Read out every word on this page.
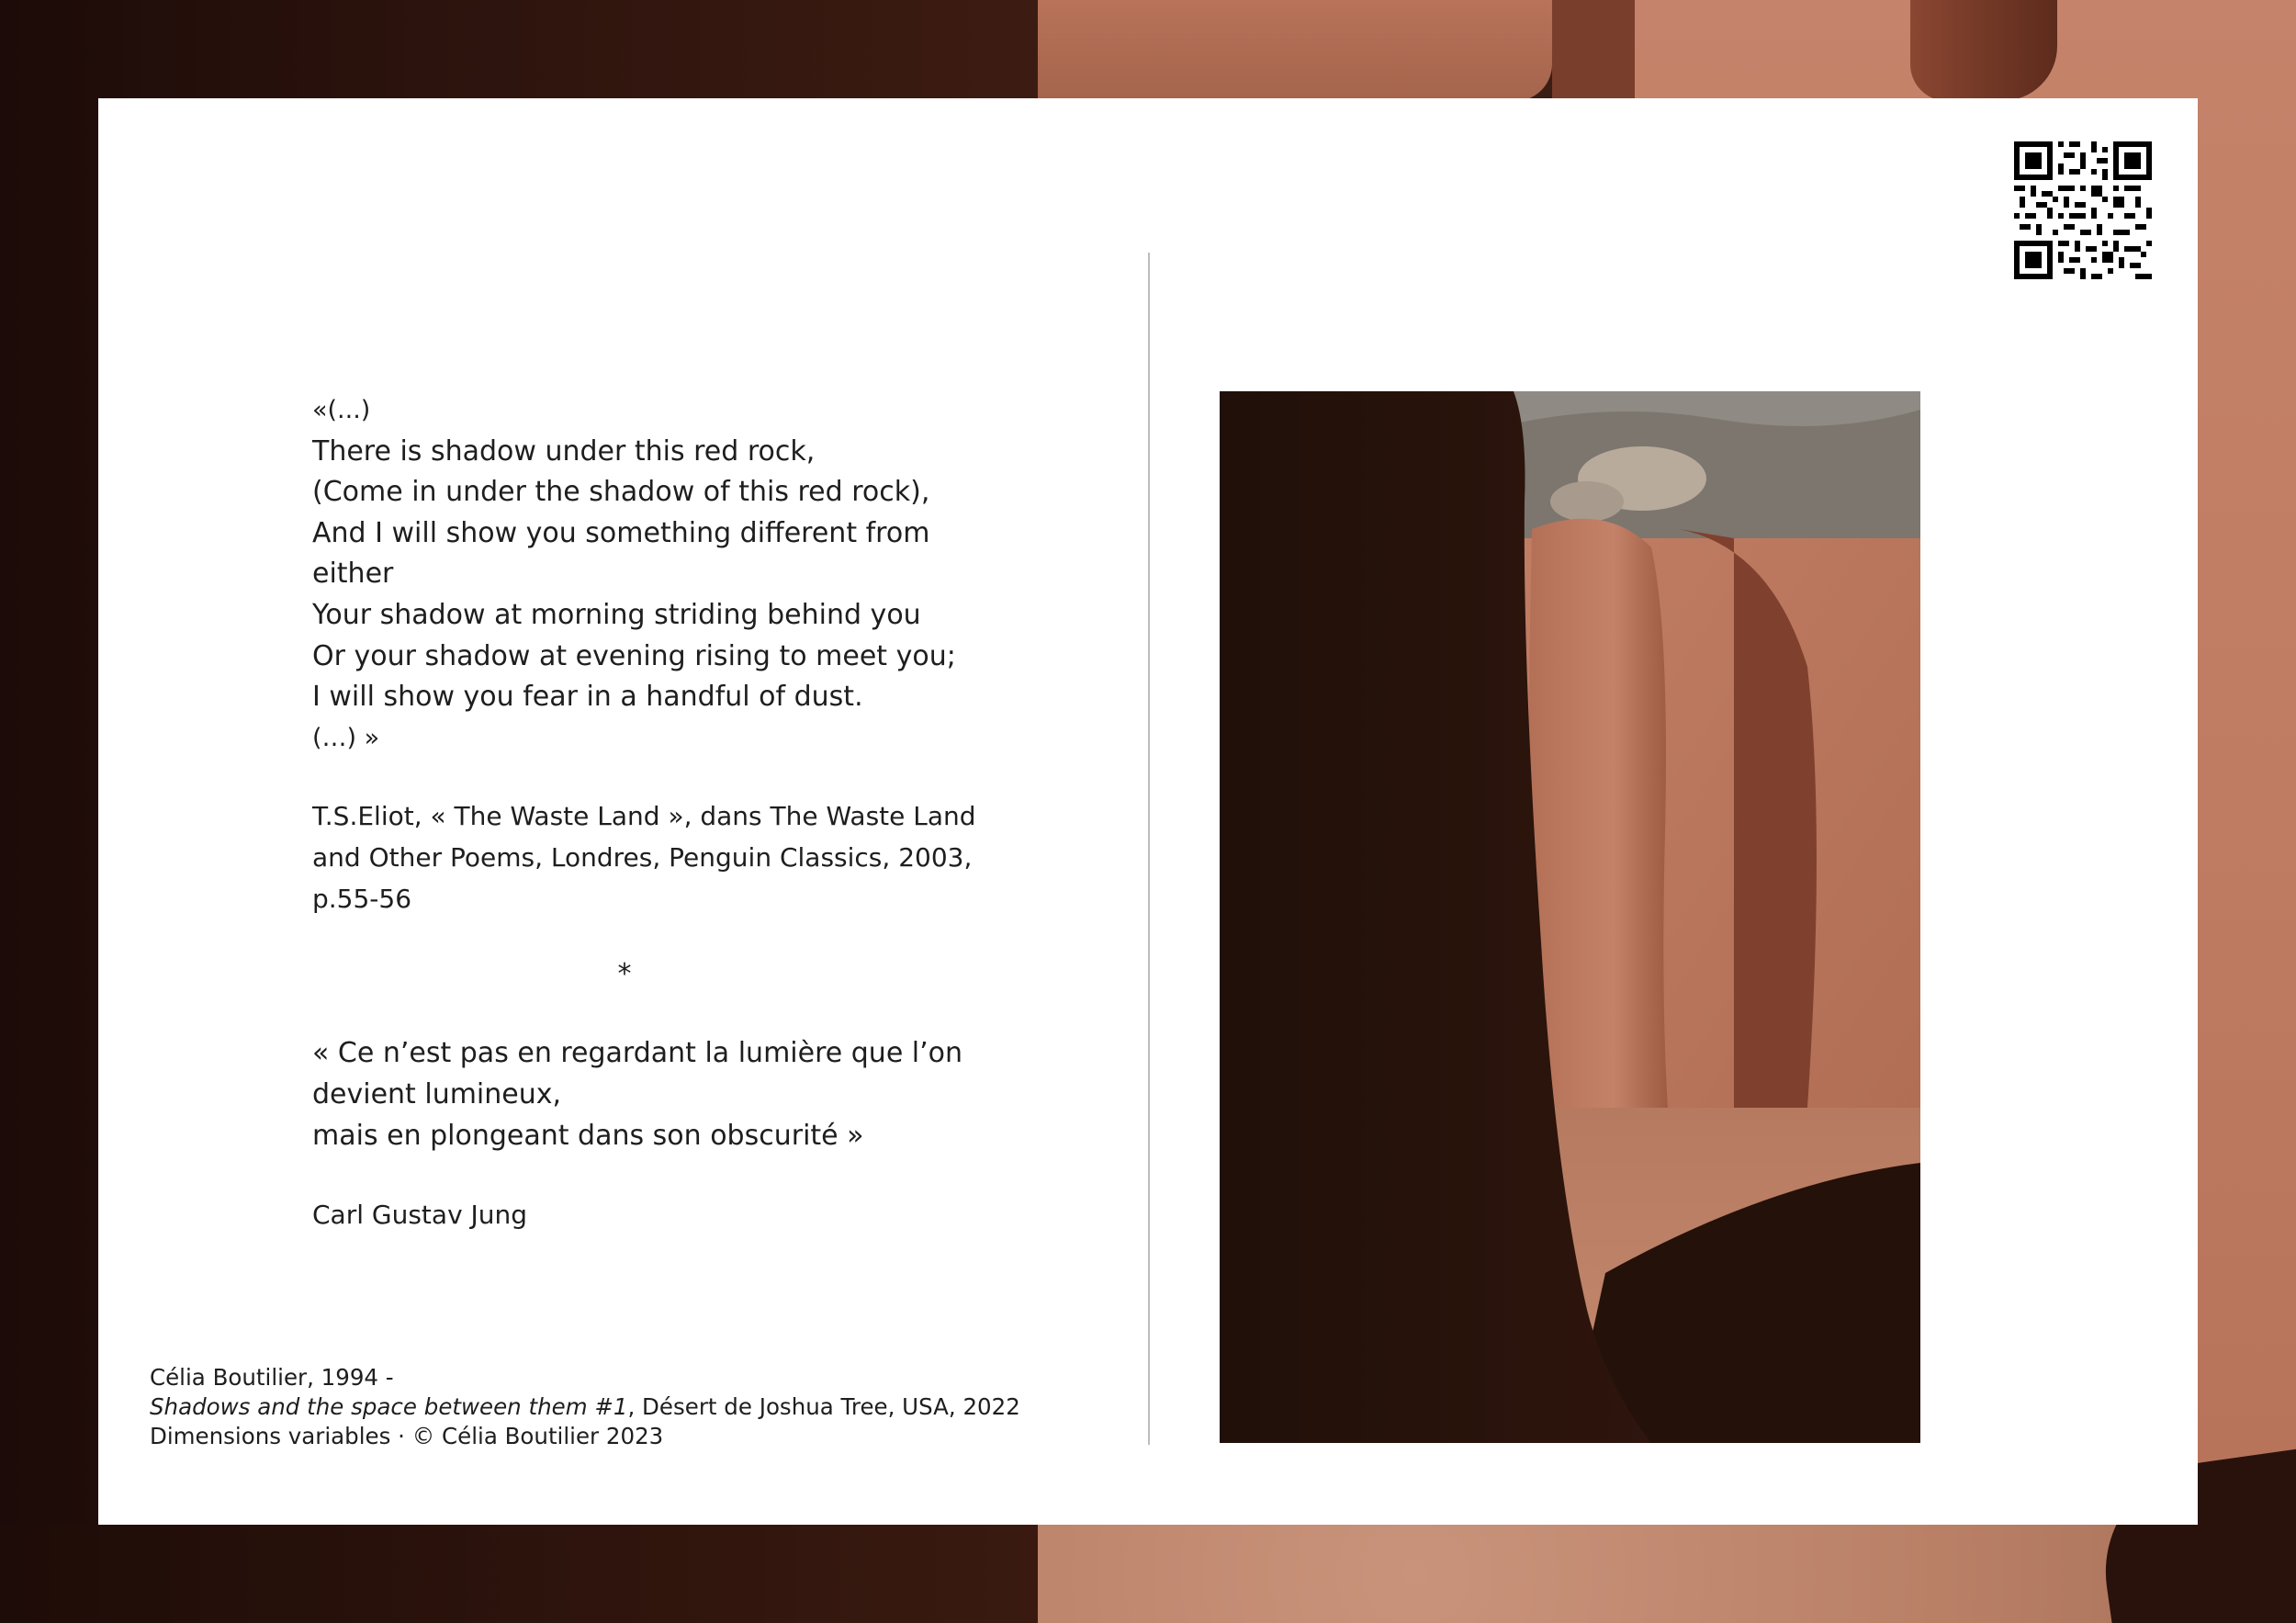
«(...)
There is shadow under this red rock,
(Come in under the shadow of this red rock),
And I will show you something different from
either
Your shadow at morning striding behind you
Or your shadow at evening rising to meet you;
I will show you fear in a handful of dust.
(…) »
T.S.Eliot, « The Waste Land », dans The Waste Land
and Other Poems, Londres, Penguin Classics, 2003,
p.55-56
*
« Ce n’est pas en regardant la lumière que l’on
devient lumineux,
mais en plongeant dans son obscurité »
Carl Gustav Jung
Célia Boutilier, 1994 -
Shadows and the space between them #1, Désert de Joshua Tree, USA, 2022
Dimensions variables · © Célia Boutilier 2023
